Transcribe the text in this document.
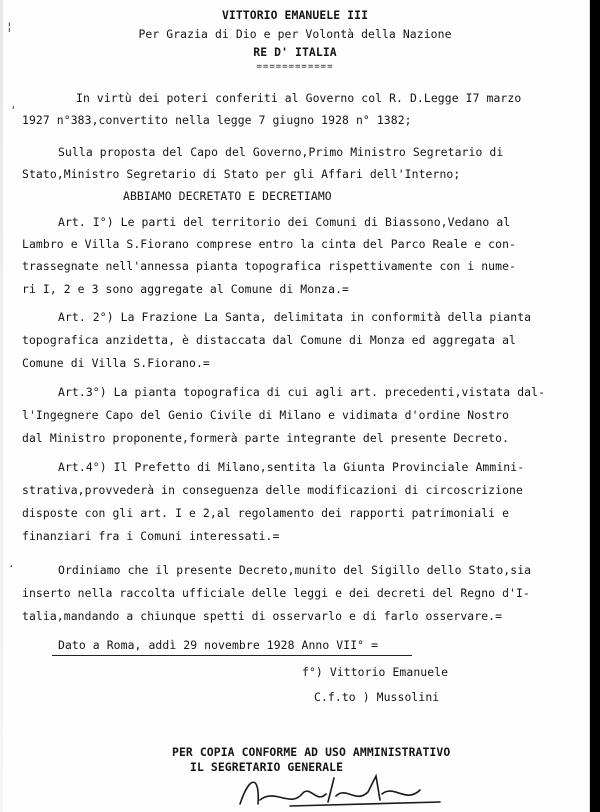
¦
'
·
VITTORIO EMANUELE III
Per Grazia di Dio e per Volontà della Nazione
RE D' ITALIA
============
In virtù dei poteri conferiti al Governo col R. D.Legge I7 marzo
1927 n°383,convertito nella legge 7 giugno 1928 n° 1382;
Sulla proposta del Capo del Governo,Primo Ministro Segretario di
Stato,Ministro Segretario di Stato per gli Affari dell'Interno;
ABBIAMO DECRETATO E DECRETIAMO
Art. I°) Le parti del territorio dei Comuni di Biassono,Vedano al
Lambro e Villa S.Fiorano comprese entro la cinta del Parco Reale e con-
trassegnate nell'annessa pianta topografica rispettivamente con i nume-
ri I, 2 e 3 sono aggregate al Comune di Monza.=
Art. 2°) La Frazione La Santa, delimitata in conformità della pianta
topografica anzidetta, è distaccata dal Comune di Monza ed aggregata al
Comune di Villa S.Fiorano.=
Art.3°) La pianta topografica di cui agli art. precedenti,vistata dal-
l'Ingegnere Capo del Genio Civile di Milano e vidimata d'ordine Nostro
dal Ministro proponente,formerà parte integrante del presente Decreto.
Art.4°) Il Prefetto di Milano,sentita la Giunta Provinciale Ammini-
strativa,provvederà in conseguenza delle modificazioni di circoscrizione
disposte con gli art. I e 2,al regolamento dei rapporti patrimoniali e
finanziari fra i Comuni interessati.=
Ordiniamo che il presente Decreto,munito del Sigillo dello Stato,sia
inserto nella raccolta ufficiale delle leggi e dei decreti del Regno d'I-
talia,mandando a chiunque spetti di osservarlo e di farlo osservare.=
Dato a Roma, addì 29 novembre 1928 Anno VII° =
f°) Vittorio Emanuele
C.f.to ) Mussolini
PER COPIA CONFORME AD USO AMMINISTRATIVO
IL SEGRETARIO GENERALE
